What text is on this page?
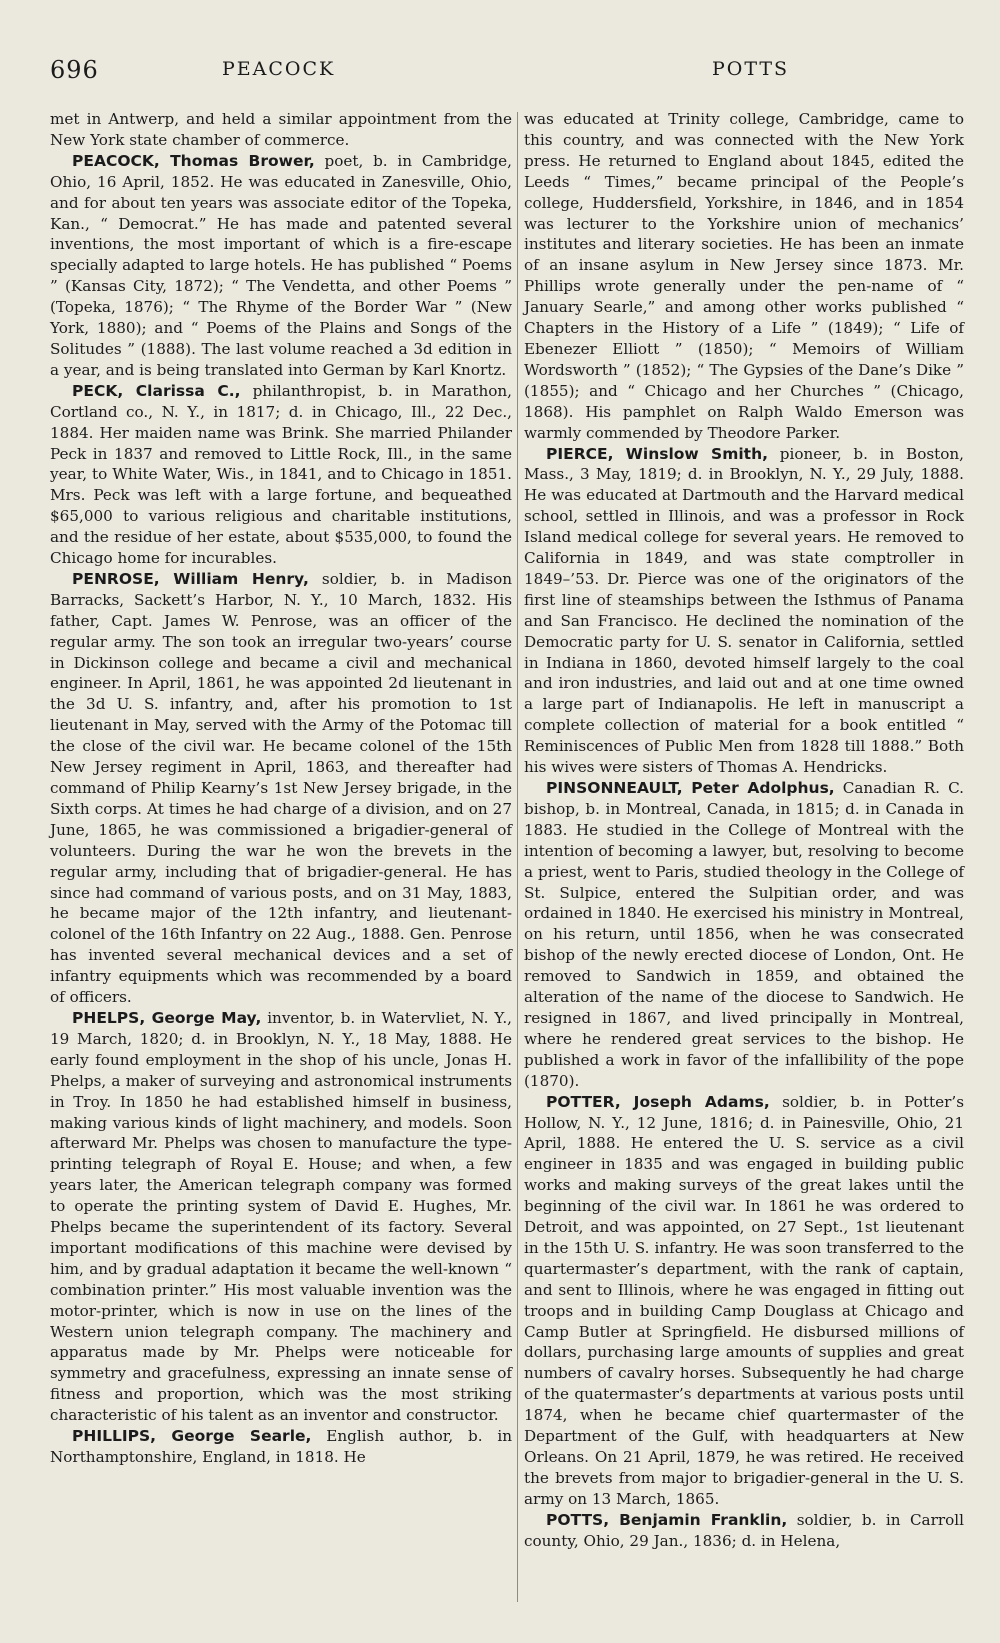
696	PEACOCK	POTTS

met in Antwerp, and held a similar appointment from the New York state chamber of commerce.

PEACOCK, Thomas Brower, poet, b. in Cambridge, Ohio, 16 April, 1852. He was educated in Zanesville, Ohio, and for about ten years was associate editor of the Topeka, Kan., “ Democrat.” He has made and patented several inventions, the most important of which is a fire-escape specially adapted to large hotels. He has published “ Poems ” (Kansas City, 1872); “ The Vendetta, and other Poems ” (Topeka, 1876); “ The Rhyme of the Border War ” (New York, 1880); and “ Poems of the Plains and Songs of the Solitudes ” (1888). The last volume reached a 3d edition in a year, and is being translated into German by Karl Knortz.

PECK, Clarissa C., philanthropist, b. in Marathon, Cortland co., N. Y., in 1817; d. in Chicago, Ill., 22 Dec., 1884. Her maiden name was Brink. She married Philander Peck in 1837 and removed to Little Rock, Ill., in the same year, to White Water, Wis., in 1841, and to Chicago in 1851. Mrs. Peck was left with a large fortune, and bequeathed $65,000 to various religious and charitable institutions, and the residue of her estate, about $535,000, to found the Chicago home for incurables.

PENROSE, William Henry, soldier, b. in Madison Barracks, Sackett’s Harbor, N. Y., 10 March, 1832. His father, Capt. James W. Penrose, was an officer of the regular army. The son took an irregular two-years’ course in Dickinson college and became a civil and mechanical engineer. In April, 1861, he was appointed 2d lieutenant in the 3d U. S. infantry, and, after his promotion to 1st lieutenant in May, served with the Army of the Potomac till the close of the civil war. He became colonel of the 15th New Jersey regiment in April, 1863, and thereafter had command of Philip Kearny’s 1st New Jersey brigade, in the Sixth corps. At times he had charge of a division, and on 27 June, 1865, he was commissioned a brigadier-general of volunteers. During the war he won the brevets in the regular army, including that of brigadier-general. He has since had command of various posts, and on 31 May, 1883, he became major of the 12th infantry, and lieutenant-colonel of the 16th Infantry on 22 Aug., 1888. Gen. Penrose has invented several mechanical devices and a set of infantry equipments which was recommended by a board of officers.

PHELPS, George May, inventor, b. in Watervliet, N. Y., 19 March, 1820; d. in Brooklyn, N. Y., 18 May, 1888. He early found employment in the shop of his uncle, Jonas H. Phelps, a maker of surveying and astronomical instruments in Troy. In 1850 he had established himself in business, making various kinds of light machinery, and models. Soon afterward Mr. Phelps was chosen to manufacture the type-printing telegraph of Royal E. House; and when, a few years later, the American telegraph company was formed to operate the printing system of David E. Hughes, Mr. Phelps became the superintendent of its factory. Several important modifications of this machine were devised by him, and by gradual adaptation it became the well-known “ combination printer.” His most valuable invention was the motor-printer, which is now in use on the lines of the Western union telegraph company. The machinery and apparatus made by Mr. Phelps were noticeable for symmetry and gracefulness, expressing an innate sense of fitness and proportion, which was the most striking characteristic of his talent as an inventor and constructor.

PHILLIPS, George Searle, English author, b. in Northamptonshire, England, in 1818. He

was educated at Trinity college, Cambridge, came to this country, and was connected with the New York press. He returned to England about 1845, edited the Leeds “ Times,” became principal of the People’s college, Huddersfield, Yorkshire, in 1846, and in 1854 was lecturer to the Yorkshire union of mechanics’ institutes and literary societies. He has been an inmate of an insane asylum in New Jersey since 1873. Mr. Phillips wrote generally under the pen-name of “ January Searle,” and among other works published “ Chapters in the History of a Life ” (1849); “ Life of Ebenezer Elliott ” (1850); “ Memoirs of William Wordsworth ” (1852); “ The Gypsies of the Dane’s Dike ” (1855); and “ Chicago and her Churches ” (Chicago, 1868). His pamphlet on Ralph Waldo Emerson was warmly commended by Theodore Parker.

PIERCE, Winslow Smith, pioneer, b. in Boston, Mass., 3 May, 1819; d. in Brooklyn, N. Y., 29 July, 1888. He was educated at Dartmouth and the Harvard medical school, settled in Illinois, and was a professor in Rock Island medical college for several years. He removed to California in 1849, and was state comptroller in 1849–’53. Dr. Pierce was one of the originators of the first line of steamships between the Isthmus of Panama and San Francisco. He declined the nomination of the Democratic party for U. S. senator in California, settled in Indiana in 1860, devoted himself largely to the coal and iron industries, and laid out and at one time owned a large part of Indianapolis. He left in manuscript a complete collection of material for a book entitled “ Reminiscences of Public Men from 1828 till 1888.” Both his wives were sisters of Thomas A. Hendricks.

PINSONNEAULT, Peter Adolphus, Canadian R. C. bishop, b. in Montreal, Canada, in 1815; d. in Canada in 1883. He studied in the College of Montreal with the intention of becoming a lawyer, but, resolving to become a priest, went to Paris, studied theology in the College of St. Sulpice, entered the Sulpitian order, and was ordained in 1840. He exercised his ministry in Montreal, on his return, until 1856, when he was consecrated bishop of the newly erected diocese of London, Ont. He removed to Sandwich in 1859, and obtained the alteration of the name of the diocese to Sandwich. He resigned in 1867, and lived principally in Montreal, where he rendered great services to the bishop. He published a work in favor of the infallibility of the pope (1870).

POTTER, Joseph Adams, soldier, b. in Potter’s Hollow, N. Y., 12 June, 1816; d. in Painesville, Ohio, 21 April, 1888. He entered the U. S. service as a civil engineer in 1835 and was engaged in building public works and making surveys of the great lakes until the beginning of the civil war. In 1861 he was ordered to Detroit, and was appointed, on 27 Sept., 1st lieutenant in the 15th U. S. infantry. He was soon transferred to the quartermaster’s department, with the rank of captain, and sent to Illinois, where he was engaged in fitting out troops and in building Camp Douglass at Chicago and Camp Butler at Springfield. He disbursed millions of dollars, purchasing large amounts of supplies and great numbers of cavalry horses. Subsequently he had charge of the quatermaster’s departments at various posts until 1874, when he became chief quartermaster of the Department of the Gulf, with headquarters at New Orleans. On 21 April, 1879, he was retired. He received the brevets from major to brigadier-general in the U. S. army on 13 March, 1865.

POTTS, Benjamin Franklin, soldier, b. in Carroll county, Ohio, 29 Jan., 1836; d. in Helena,
